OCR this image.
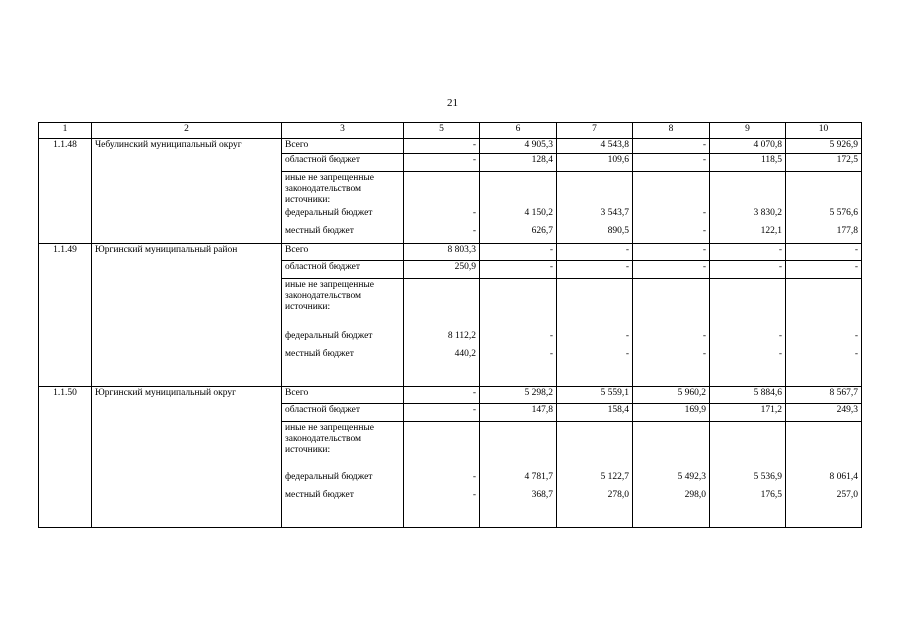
21
1	2	3	5	6	7	8	9	10
1.1.48	Чебулинский муниципальный округ	Всего	-	4 905,3	4 543,8	-	4 070,8	5 926,9
		областной бюджет	-	128,4	109,6	-	118,5	172,5

		иные не запрещенные
законодательством
источники:						

		федеральный бюджет	-	4 150,2	3 543,7	-	3 830,2	5 576,6
		местный бюджет	-	626,7	890,5	-	122,1	177,8
1.1.49	Юргинский муниципальный район	Всего	8 803,3	-	-	-	-	-
		областной бюджет	250,9	-	-	-	-	-

		иные не запрещенные
законодательством
источники:						

		федеральный бюджет	8 112,2	-	-	-	-	-
		местный бюджет	440,2	-	-	-	-	-
1.1.50	Юргинский муниципальный округ	Всего	-	5 298,2	5 559,1	5 960,2	5 884,6	8 567,7
		областной бюджет	-	147,8	158,4	169,9	171,2	249,3

		иные не запрещенные
законодательством
источники:						

		федеральный бюджет	-	4 781,7	5 122,7	5 492,3	5 536,9	8 061,4
		местный бюджет	-	368,7	278,0	298,0	176,5	257,0
